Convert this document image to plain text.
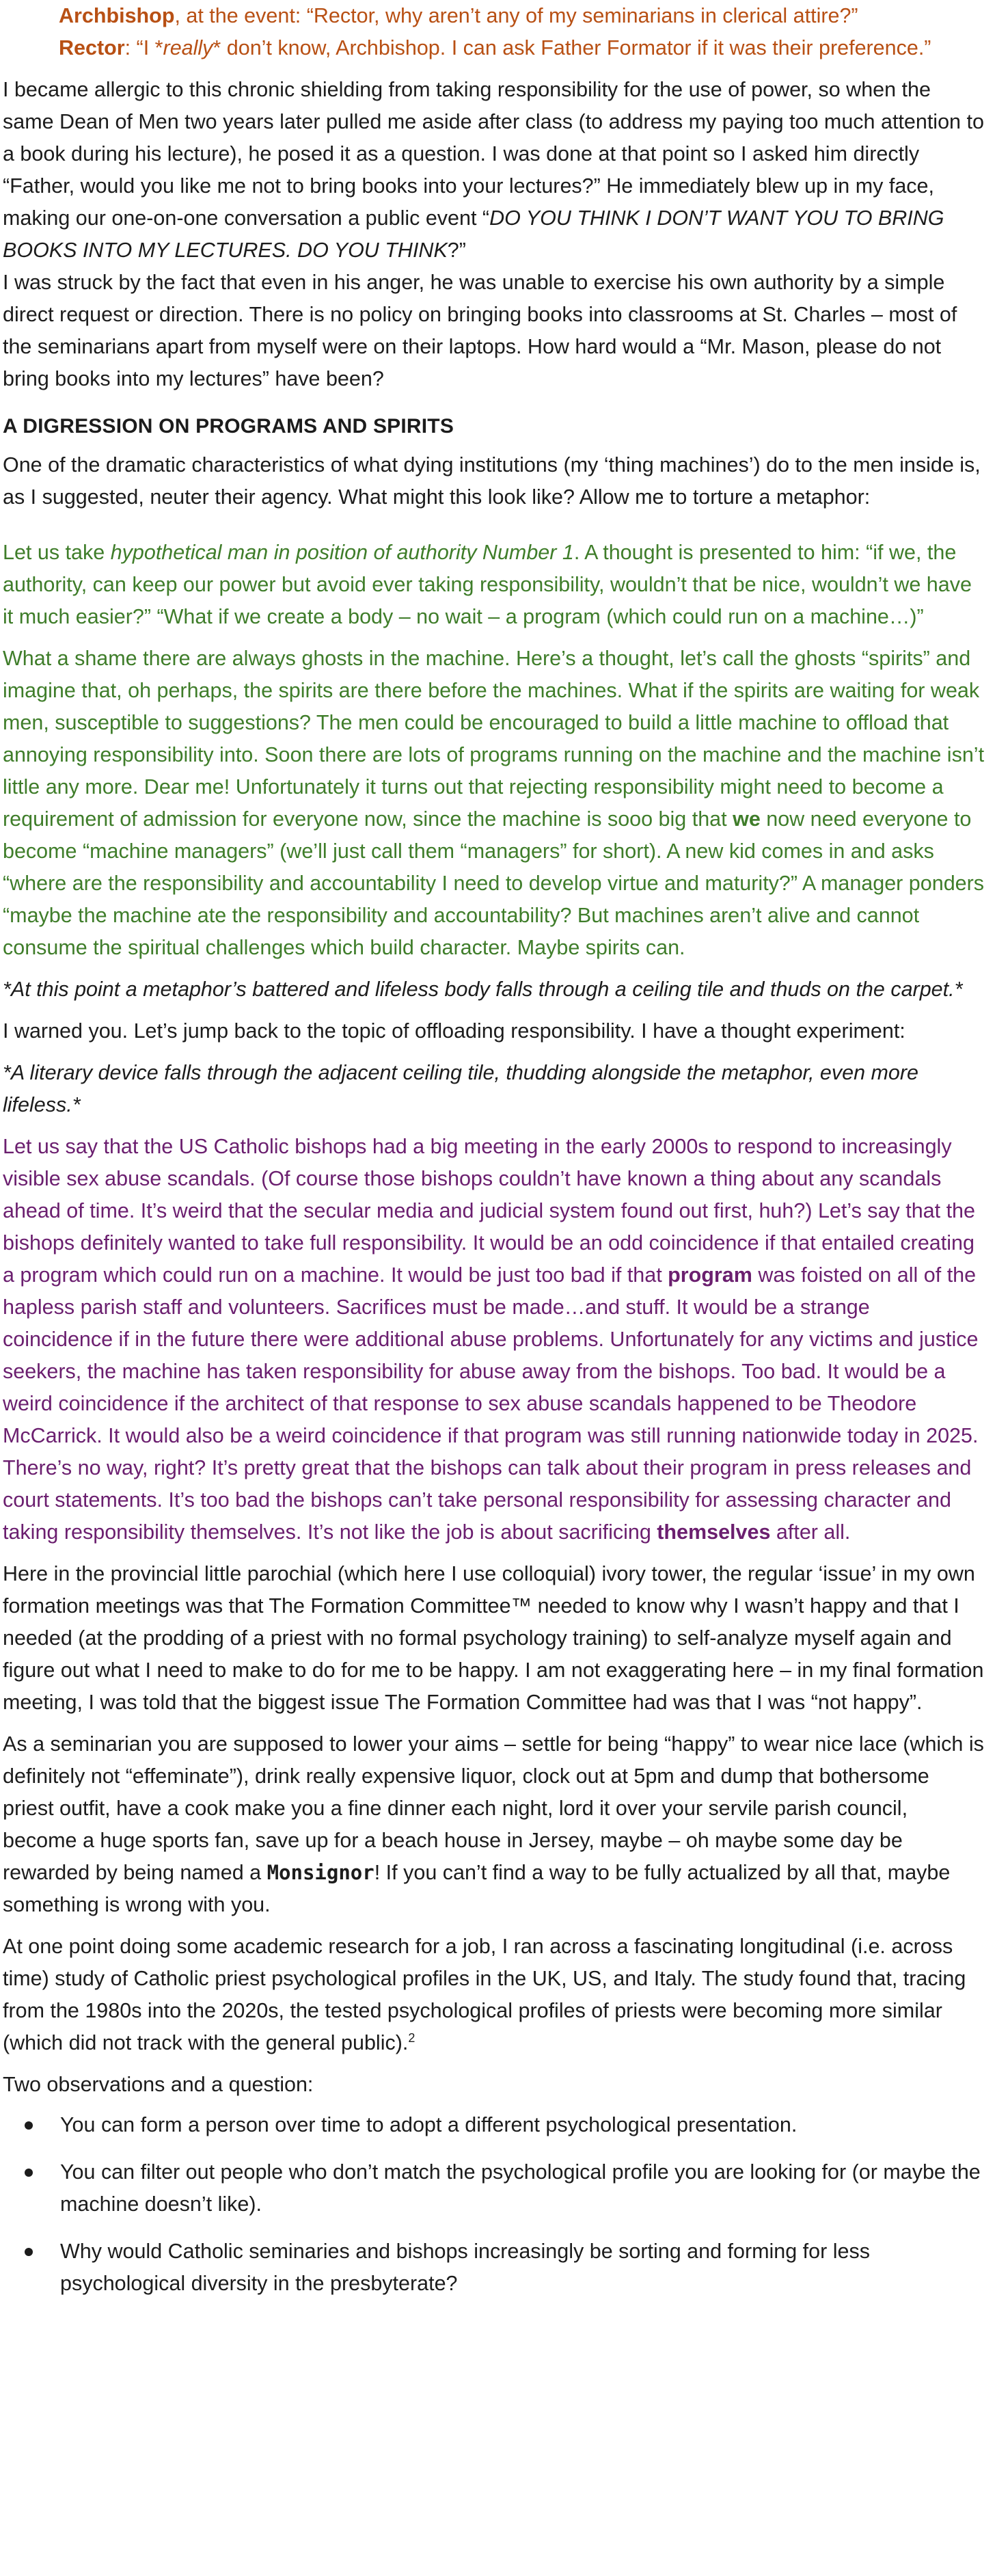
Archbishop, at the event: “Rector, why aren’t any of my seminarians in clerical attire?”

Rector: “I *really* don’t know, Archbishop. I can ask Father Formator if it was their preference.”

I became allergic to this chronic shielding from taking responsibility for the use of power, so when the same Dean of Men two years later pulled me aside after class (to address my paying too much attention to a book during his lecture), he posed it as a question. I was done at that point so I asked him directly “Father, would you like me not to bring books into your lectures?” He immediately blew up in my face, making our one-on-one conversation a public event “DO YOU THINK I DON’T WANT YOU TO BRING BOOKS INTO MY LECTURES. DO YOU THINK?”

I was struck by the fact that even in his anger, he was unable to exercise his own authority by a simple direct request or direction. There is no policy on bringing books into classrooms at St. Charles – most of the seminarians apart from myself were on their laptops. How hard would a “Mr. Mason, please do not bring books into my lectures” have been?

A DIGRESSION ON PROGRAMS AND SPIRITS

One of the dramatic characteristics of what dying institutions (my ‘thing machines’) do to the men inside is, as I suggested, neuter their agency. What might this look like? Allow me to torture a metaphor:

Let us take hypothetical man in position of authority Number 1. A thought is presented to him: “if we, the authority, can keep our power but avoid ever taking responsibility, wouldn’t that be nice, wouldn’t we have it much easier?” “What if we create a body – no wait – a program (which could run on a machine…)”

What a shame there are always ghosts in the machine. Here’s a thought, let’s call the ghosts “spirits” and imagine that, oh perhaps, the spirits are there before the machines. What if the spirits are waiting for weak men, susceptible to suggestions? The men could be encouraged to build a little machine to offload that annoying responsibility into. Soon there are lots of programs running on the machine and the machine isn’t little any more. Dear me! Unfortunately it turns out that rejecting responsibility might need to become a requirement of admission for everyone now, since the machine is sooo big that we now need everyone to become “machine managers” (we’ll just call them “managers” for short). A new kid comes in and asks “where are the responsibility and accountability I need to develop virtue and maturity?” A manager ponders “maybe the machine ate the responsibility and accountability? But machines aren’t alive and cannot consume the spiritual challenges which build character. Maybe spirits can.

*At this point a metaphor’s battered and lifeless body falls through a ceiling tile and thuds on the carpet.*

I warned you. Let’s jump back to the topic of offloading responsibility. I have a thought experiment:

*A literary device falls through the adjacent ceiling tile, thudding alongside the metaphor, even more lifeless.*

Let us say that the US Catholic bishops had a big meeting in the early 2000s to respond to increasingly visible sex abuse scandals. (Of course those bishops couldn’t have known a thing about any scandals ahead of time. It’s weird that the secular media and judicial system found out first, huh?) Let’s say that the bishops definitely wanted to take full responsibility. It would be an odd coincidence if that entailed creating a program which could run on a machine. It would be just too bad if that program was foisted on all of the hapless parish staff and volunteers. Sacrifices must be made…and stuff. It would be a strange coincidence if in the future there were additional abuse problems. Unfortunately for any victims and justice seekers, the machine has taken responsibility for abuse away from the bishops. Too bad. It would be a weird coincidence if the architect of that response to sex abuse scandals happened to be Theodore McCarrick. It would also be a weird coincidence if that program was still running nationwide today in 2025. There’s no way, right? It’s pretty great that the bishops can talk about their program in press releases and court statements. It’s too bad the bishops can’t take personal responsibility for assessing character and taking responsibility themselves. It’s not like the job is about sacrificing themselves after all.

Here in the provincial little parochial (which here I use colloquial) ivory tower, the regular ‘issue’ in my own formation meetings was that The Formation Committee™ needed to know why I wasn’t happy and that I needed (at the prodding of a priest with no formal psychology training) to self-analyze myself again and figure out what I need to make to do for me to be happy. I am not exaggerating here – in my final formation meeting, I was told that the biggest issue The Formation Committee had was that I was “not happy”.

As a seminarian you are supposed to lower your aims – settle for being “happy” to wear nice lace (which is definitely not “effeminate”), drink really expensive liquor, clock out at 5pm and dump that bothersome priest outfit, have a cook make you a fine dinner each night, lord it over your servile parish council, become a huge sports fan, save up for a beach house in Jersey, maybe – oh maybe some day be rewarded by being named a Monsignor! If you can’t find a way to be fully actualized by all that, maybe something is wrong with you.

At one point doing some academic research for a job, I ran across a fascinating longitudinal (i.e. across time) study of Catholic priest psychological profiles in the UK, US, and Italy. The study found that, tracing from the 1980s into the 2020s, the tested psychological profiles of priests were becoming more similar (which did not track with the general public).$^2$

Two observations and a question:

You can form a person over time to adopt a different psychological presentation.
You can filter out people who don’t match the psychological profile you are looking for (or maybe the machine doesn’t like).
Why would Catholic seminaries and bishops increasingly be sorting and forming for less psychological diversity in the presbyterate?
